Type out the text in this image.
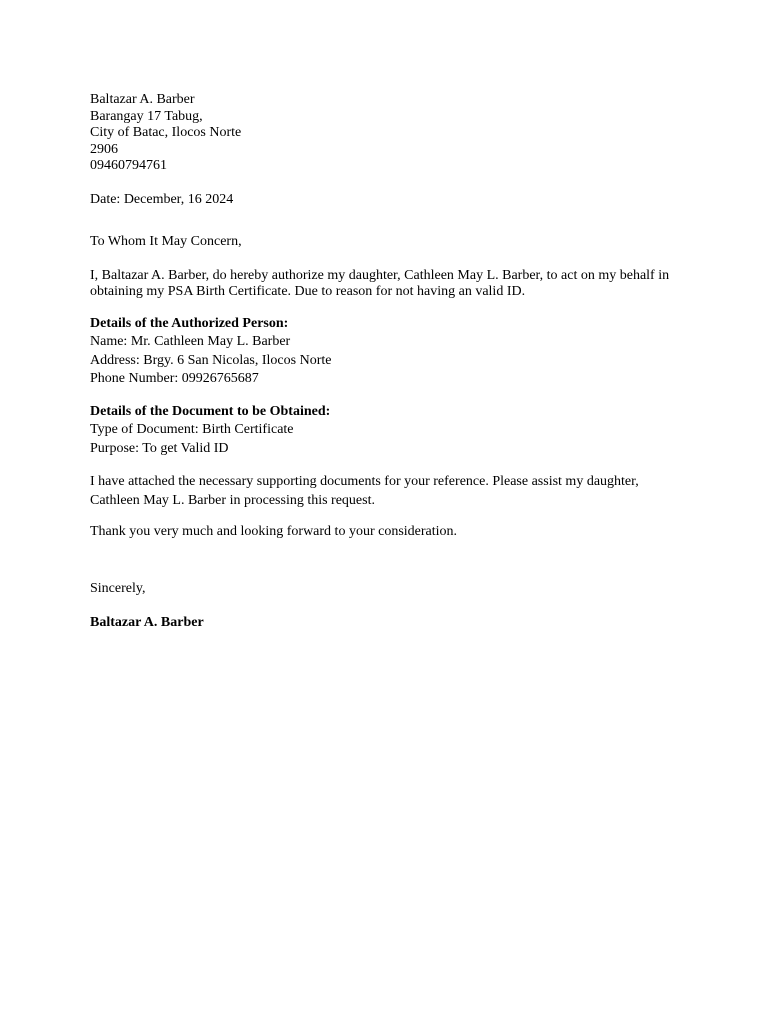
Baltazar A. Barber
Barangay 17 Tabug,
City of Batac, Ilocos Norte
2906
09460794761
Date: December, 16 2024
To Whom It May Concern,
I, Baltazar A. Barber, do hereby authorize my daughter, Cathleen May L. Barber, to act on my behalf in
obtaining my PSA Birth Certificate. Due to reason for not having an valid ID.
Details of the Authorized Person:
Name: Mr. Cathleen May L. Barber
Address: Brgy. 6 San Nicolas, Ilocos Norte
Phone Number: 09926765687
Details of the Document to be Obtained:
Type of Document: Birth Certificate
Purpose: To get Valid ID
I have attached the necessary supporting documents for your reference. Please assist my daughter,
Cathleen May L. Barber in processing this request.
Thank you very much and looking forward to your consideration.
Sincerely,
Baltazar A. Barber
